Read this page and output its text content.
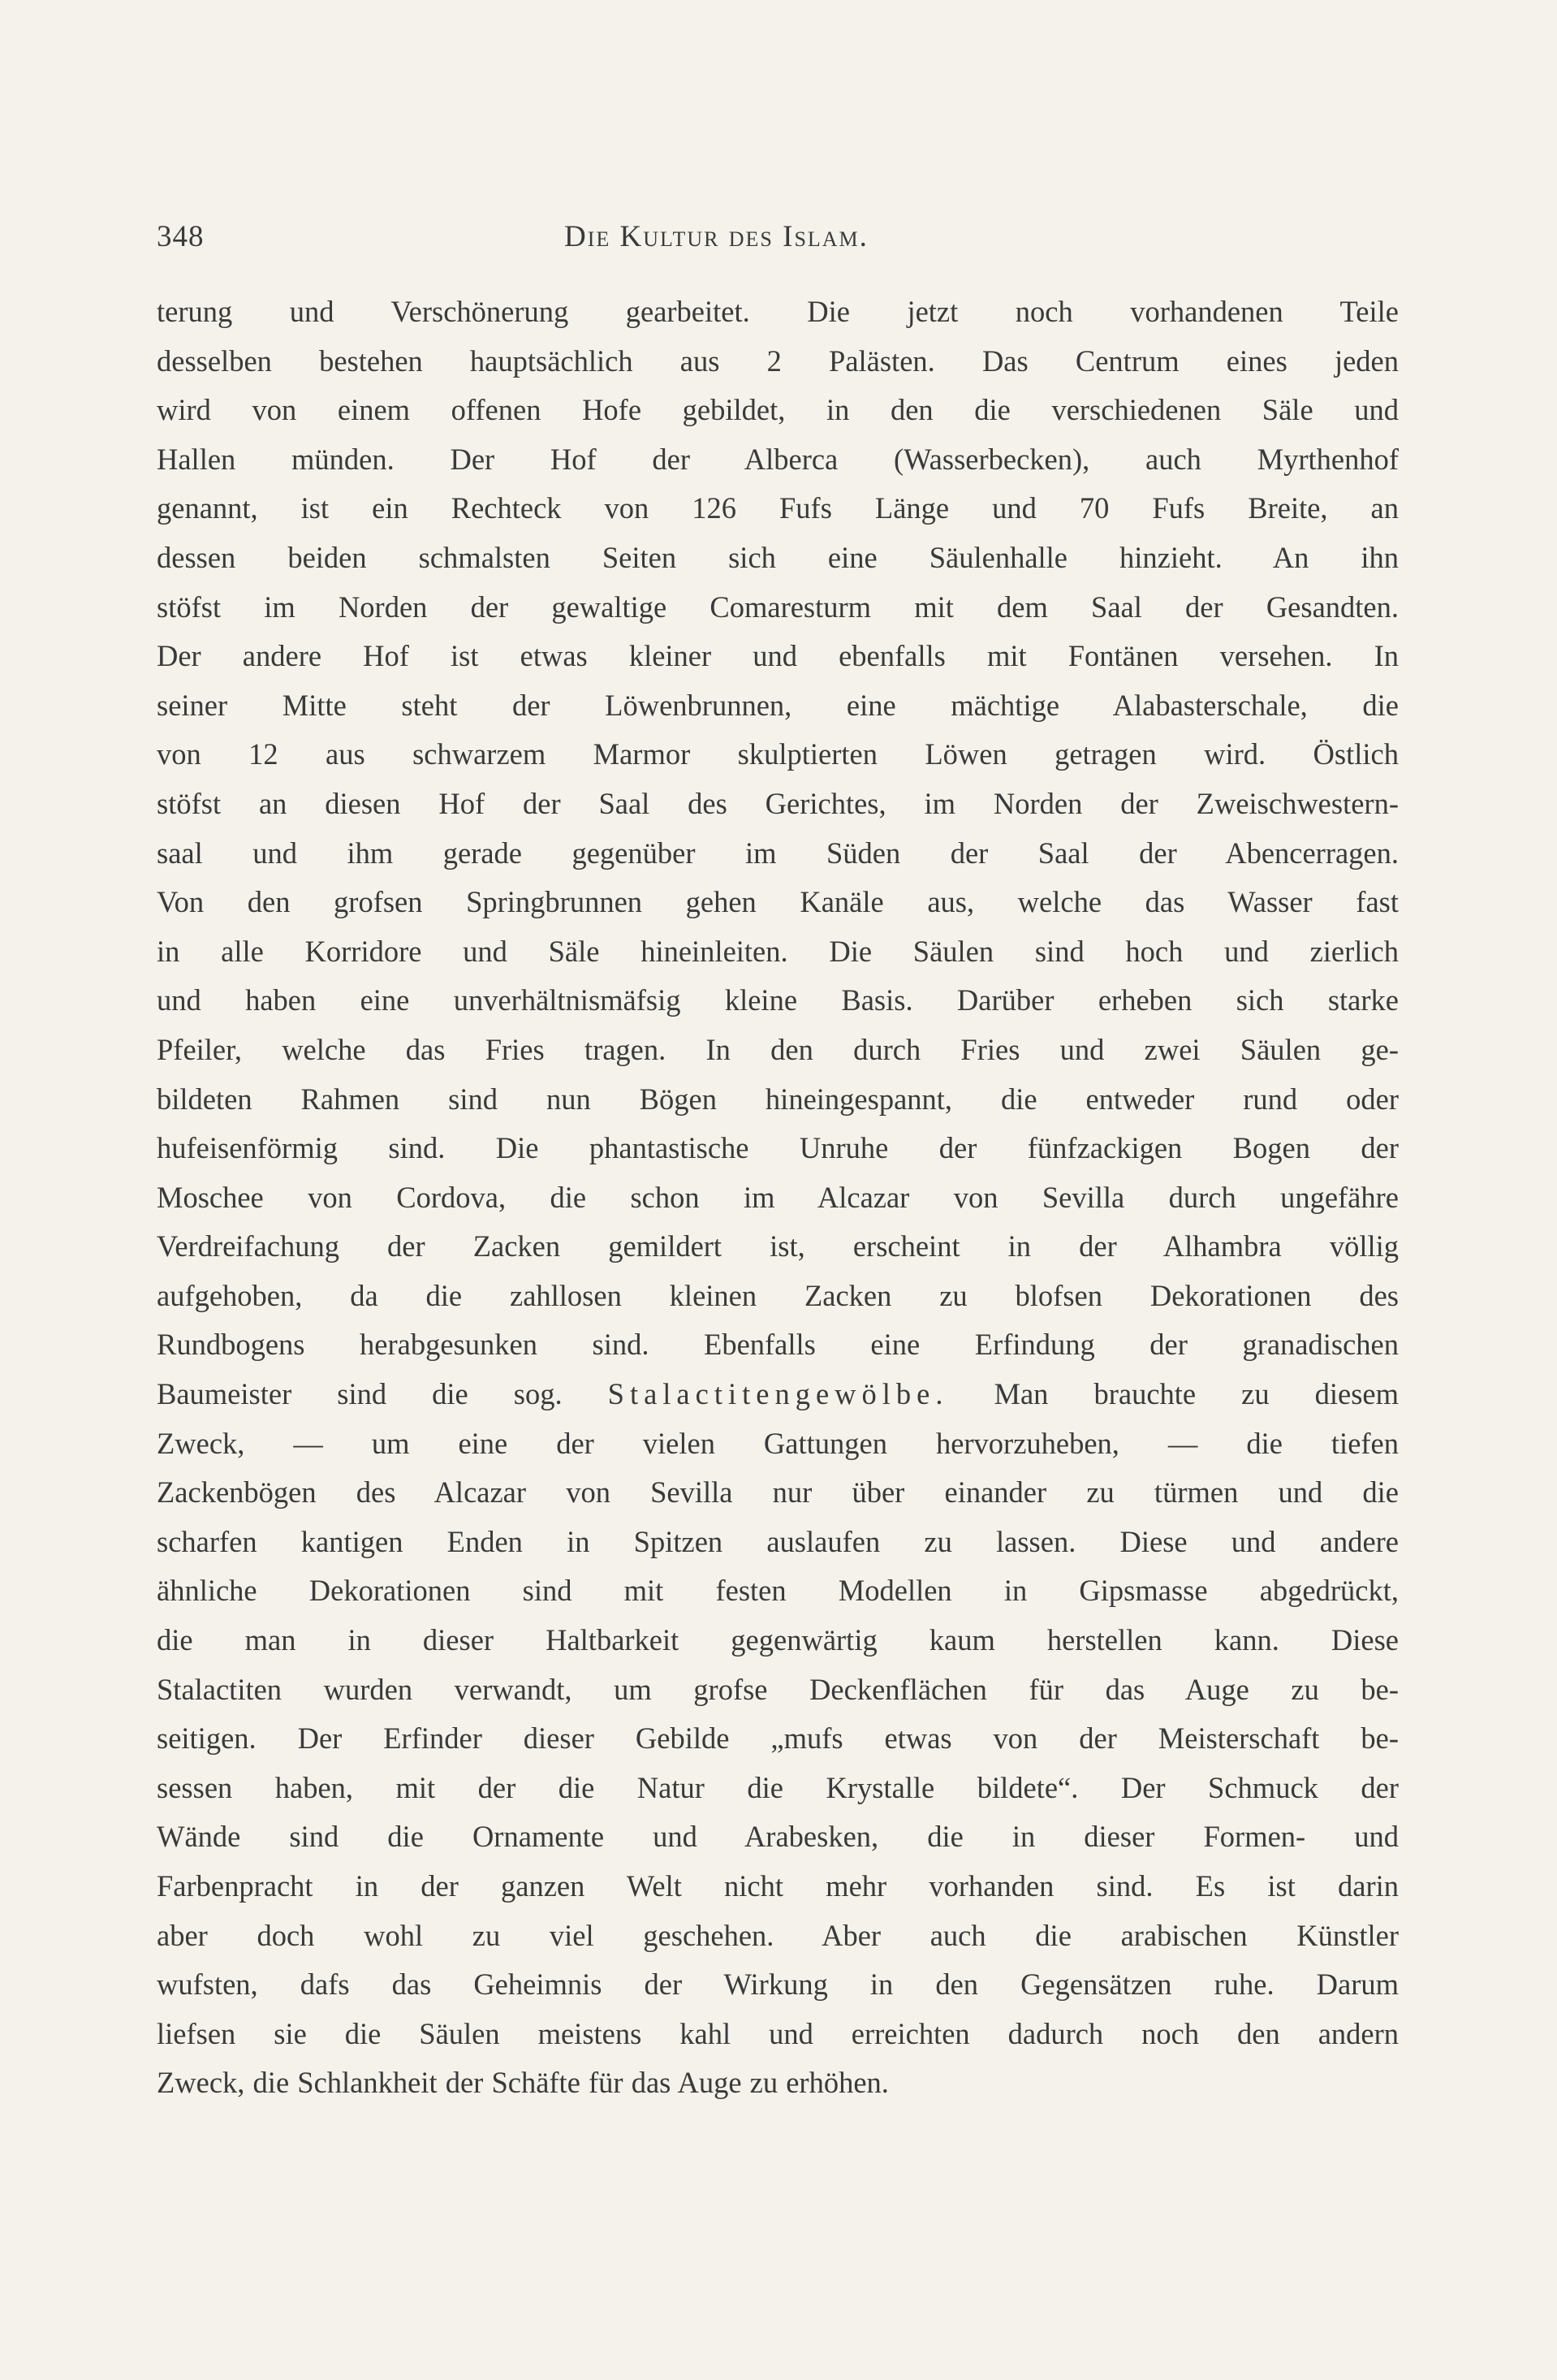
348	Die Kultur des Islam.
terung und Verschönerung gearbeitet. Die jetzt noch vorhandenen Teile
desselben bestehen hauptsächlich aus 2 Palästen. Das Centrum eines jeden
wird von einem offenen Hofe gebildet, in den die verschiedenen Säle und
Hallen münden. Der Hof der Alberca (Wasserbecken), auch Myrthenhof
genannt, ist ein Rechteck von 126 Fufs Länge und 70 Fufs Breite, an
dessen beiden schmalsten Seiten sich eine Säulenhalle hinzieht. An ihn
stöfst im Norden der gewaltige Comaresturm mit dem Saal der Gesandten.
Der andere Hof ist etwas kleiner und ebenfalls mit Fontänen versehen. In
seiner Mitte steht der Löwenbrunnen, eine mächtige Alabasterschale, die
von 12 aus schwarzem Marmor skulptierten Löwen getragen wird. Östlich
stöfst an diesen Hof der Saal des Gerichtes, im Norden der Zweischwestern-
saal und ihm gerade gegenüber im Süden der Saal der Abencerragen.
Von den grofsen Springbrunnen gehen Kanäle aus, welche das Wasser fast
in alle Korridore und Säle hineinleiten. Die Säulen sind hoch und zierlich
und haben eine unverhältnismäfsig kleine Basis. Darüber erheben sich starke
Pfeiler, welche das Fries tragen. In den durch Fries und zwei Säulen ge-
bildeten Rahmen sind nun Bögen hineingespannt, die entweder rund oder
hufeisenförmig sind. Die phantastische Unruhe der fünfzackigen Bogen der
Moschee von Cordova, die schon im Alcazar von Sevilla durch ungefähre
Verdreifachung der Zacken gemildert ist, erscheint in der Alhambra völlig
aufgehoben, da die zahllosen kleinen Zacken zu blofsen Dekorationen des
Rundbogens herabgesunken sind. Ebenfalls eine Erfindung der granadischen
Baumeister sind die sog. Stalactitengewölbe. Man brauchte zu diesem
Zweck, — um eine der vielen Gattungen hervorzuheben, — die tiefen
Zackenbögen des Alcazar von Sevilla nur über einander zu türmen und die
scharfen kantigen Enden in Spitzen auslaufen zu lassen. Diese und andere
ähnliche Dekorationen sind mit festen Modellen in Gipsmasse abgedrückt,
die man in dieser Haltbarkeit gegenwärtig kaum herstellen kann. Diese
Stalactiten wurden verwandt, um grofse Deckenflächen für das Auge zu be-
seitigen. Der Erfinder dieser Gebilde „mufs etwas von der Meisterschaft be-
sessen haben, mit der die Natur die Krystalle bildete“. Der Schmuck der
Wände sind die Ornamente und Arabesken, die in dieser Formen- und
Farbenpracht in der ganzen Welt nicht mehr vorhanden sind. Es ist darin
aber doch wohl zu viel geschehen. Aber auch die arabischen Künstler
wufsten, dafs das Geheimnis der Wirkung in den Gegensätzen ruhe. Darum
liefsen sie die Säulen meistens kahl und erreichten dadurch noch den andern
Zweck, die Schlankheit der Schäfte für das Auge zu erhöhen.
